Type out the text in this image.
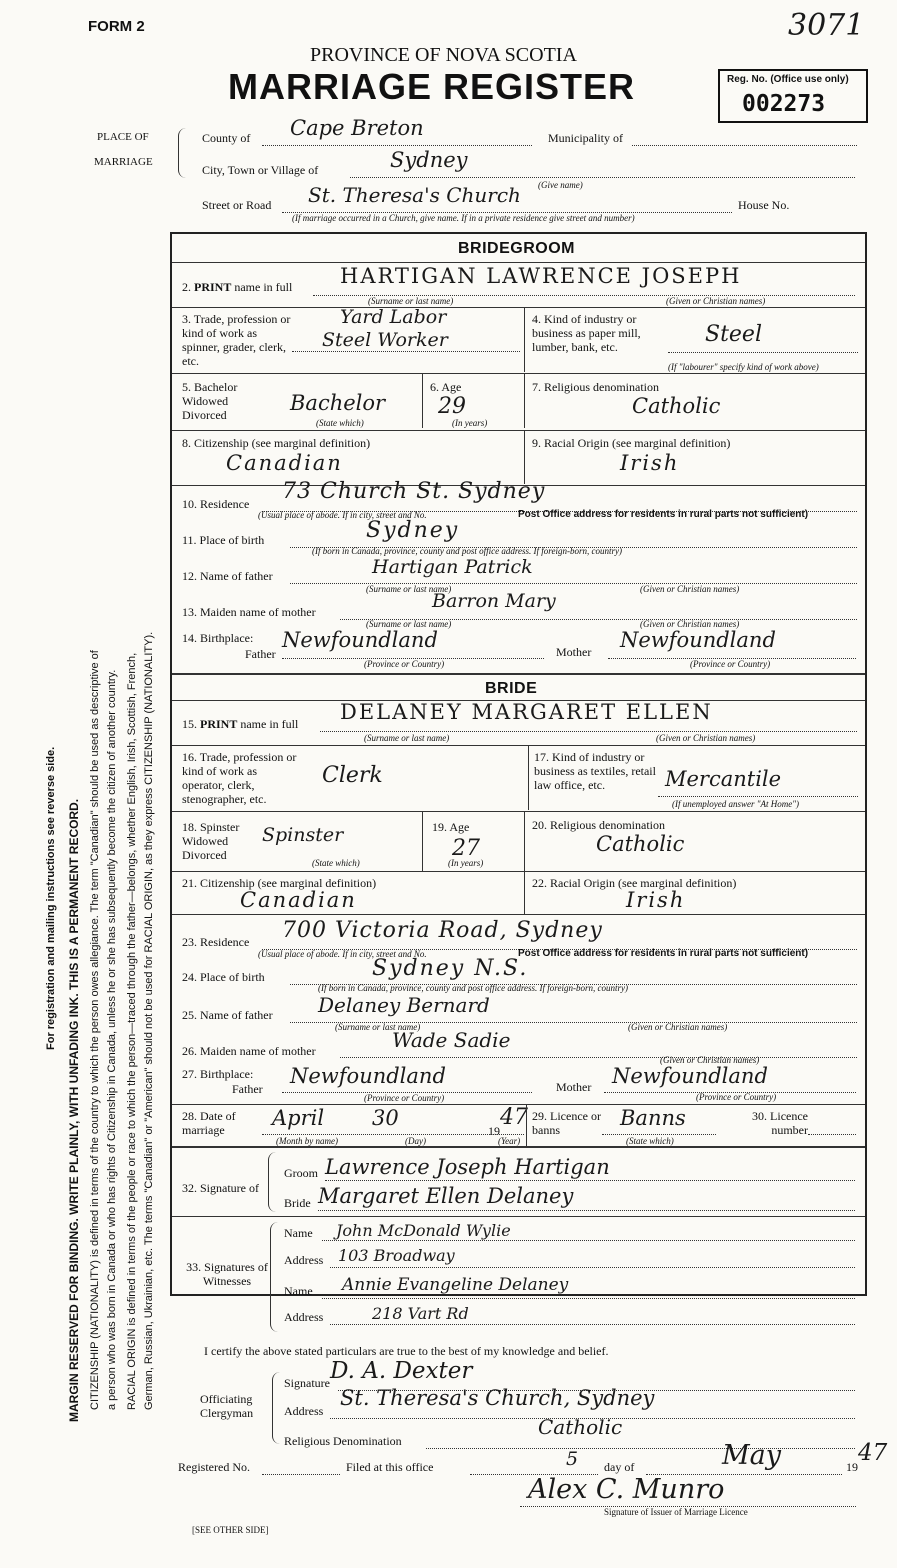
FORM 2	3071
PROVINCE OF NOVA SCOTIA
MARRIAGE REGISTER	Reg. No. (Office use only)
002273
PLACE OF
MARRIAGE
County of Cape Breton	Municipality of
City, Town or Village of	Sydney
Street or Road St. Theresa's Church (Give name)
House No.
(If marriage occurred in a Church, give name. If in a private residence give street and number)
BRIDEGROOM
2. PRINT name in full HARTIGAN LAWRENCE JOSEPH
(Surname or last name)	(Given or Christian names)
3. Trade, profession or kind of work as spinner, grader, clerk, etc.
Yard Labor
Steel Worker
4. Kind of industry or business as paper mill, lumber, bank, etc.	Steel
(If "labourer" specify kind of work above)
5. Bachelor Widowed Divorced	Bachelor
(State which)
6. Age
29
(In years)
7. Religious denomination
Catholic
8. Citizenship (see marginal definition)
Canadian
9. Racial Origin (see marginal definition)
Irish
10. Residence 73 Church St. Sydney
(Usual place of abode. If in city, street and No.	Post Office address for residents in rural parts not sufficient)
11. Place of birth	Sydney
(If born in Canada, province, county and post office address. If foreign-born, country)
12. Name of father	Hartigan Patrick
(Surname or last name)	(Given or Christian names)
13. Maiden name of mother	Barron Mary
(Surname or last name)	(Given or Christian names)
14. Birthplace:
Father
Newfoundland	Mother Newfoundland
(Province or Country)	(Province or Country)
BRIDE
15. PRINT name in full DELANEY MARGARET ELLEN
(Surname or last name)	(Given or Christian names)
16. Trade, profession or kind of work as operator, clerk, stenographer, etc.
Clerk
17. Kind of industry or business as textiles, retail law office, etc.	Mercantile
(If unemployed answer "At Home")
18. Spinster Widowed Divorced
Spinster
(State which)
19. Age
27
(In years)
20. Religious denomination
Catholic
21. Citizenship (see marginal definition)
Canadian
22. Racial Origin (see marginal definition)
Irish
23. Residence 700 Victoria Road, Sydney
(Usual place of abode. If in city, street and No.	Post Office address for residents in rural parts not sufficient)
24. Place of birth	Sydney N.S.
(If born in Canada, province, county and post office address. If foreign-born, country)
25. Name of father Delaney Bernard
(Surname or last name)	(Given or Christian names)
26. Maiden name of mother	Wade Sadie
(Given or Christian names)
27. Birthplace:
Father
Newfoundland	Mother Newfoundland
(Province or Country)	(Province or Country)
28. Date of marriage	April 30
19
47
(Month by name)	(Day)	(Year)
29. Licence or banns	Banns
(State which)
30. Licence number
32. Signature of
Groom Lawrence Joseph Hartigan
Bride Margaret Ellen Delaney
33. Signatures of Witnesses
Name John McDonald Wylie
Address 103 Broadway
Name Annie Evangeline Delaney
Address	218 Vart Rd
I certify the above stated particulars are true to the best of my knowledge and belief.
Officiating Clergyman
Signature D. A. Dexter
Address
St. Theresa's Church, Sydney
Religious Denomination
Catholic
Registered No.	Filed at this office	5 day of	May	19
47
Alex C. Munro
Signature of Issuer of Marriage Licence
[SEE OTHER SIDE]
For registration and mailing instructions see reverse side. MARGIN RESERVED FOR BINDING. WRITE PLAINLY, WITH UNFADING INK. THIS IS A PERMANENT RECORD. CITIZENSHIP (NATIONALITY) is defined in terms of the country to which the person owes allegiance. The term "Canadian" should be used as descriptive of a person who was born in Canada or who has rights of Citizenship in Canada, unless he or she has subsequently become the citizen of another country. RACIAL ORIGIN is defined in terms of the people or race to which the person—traced through the father—belongs, whether English, Irish, Scottish, French, German, Russian, Ukrainian, etc. The terms "Canadian" or "American" should not be used for RACIAL ORIGIN, as they express CITIZENSHIP (NATIONALITY).
